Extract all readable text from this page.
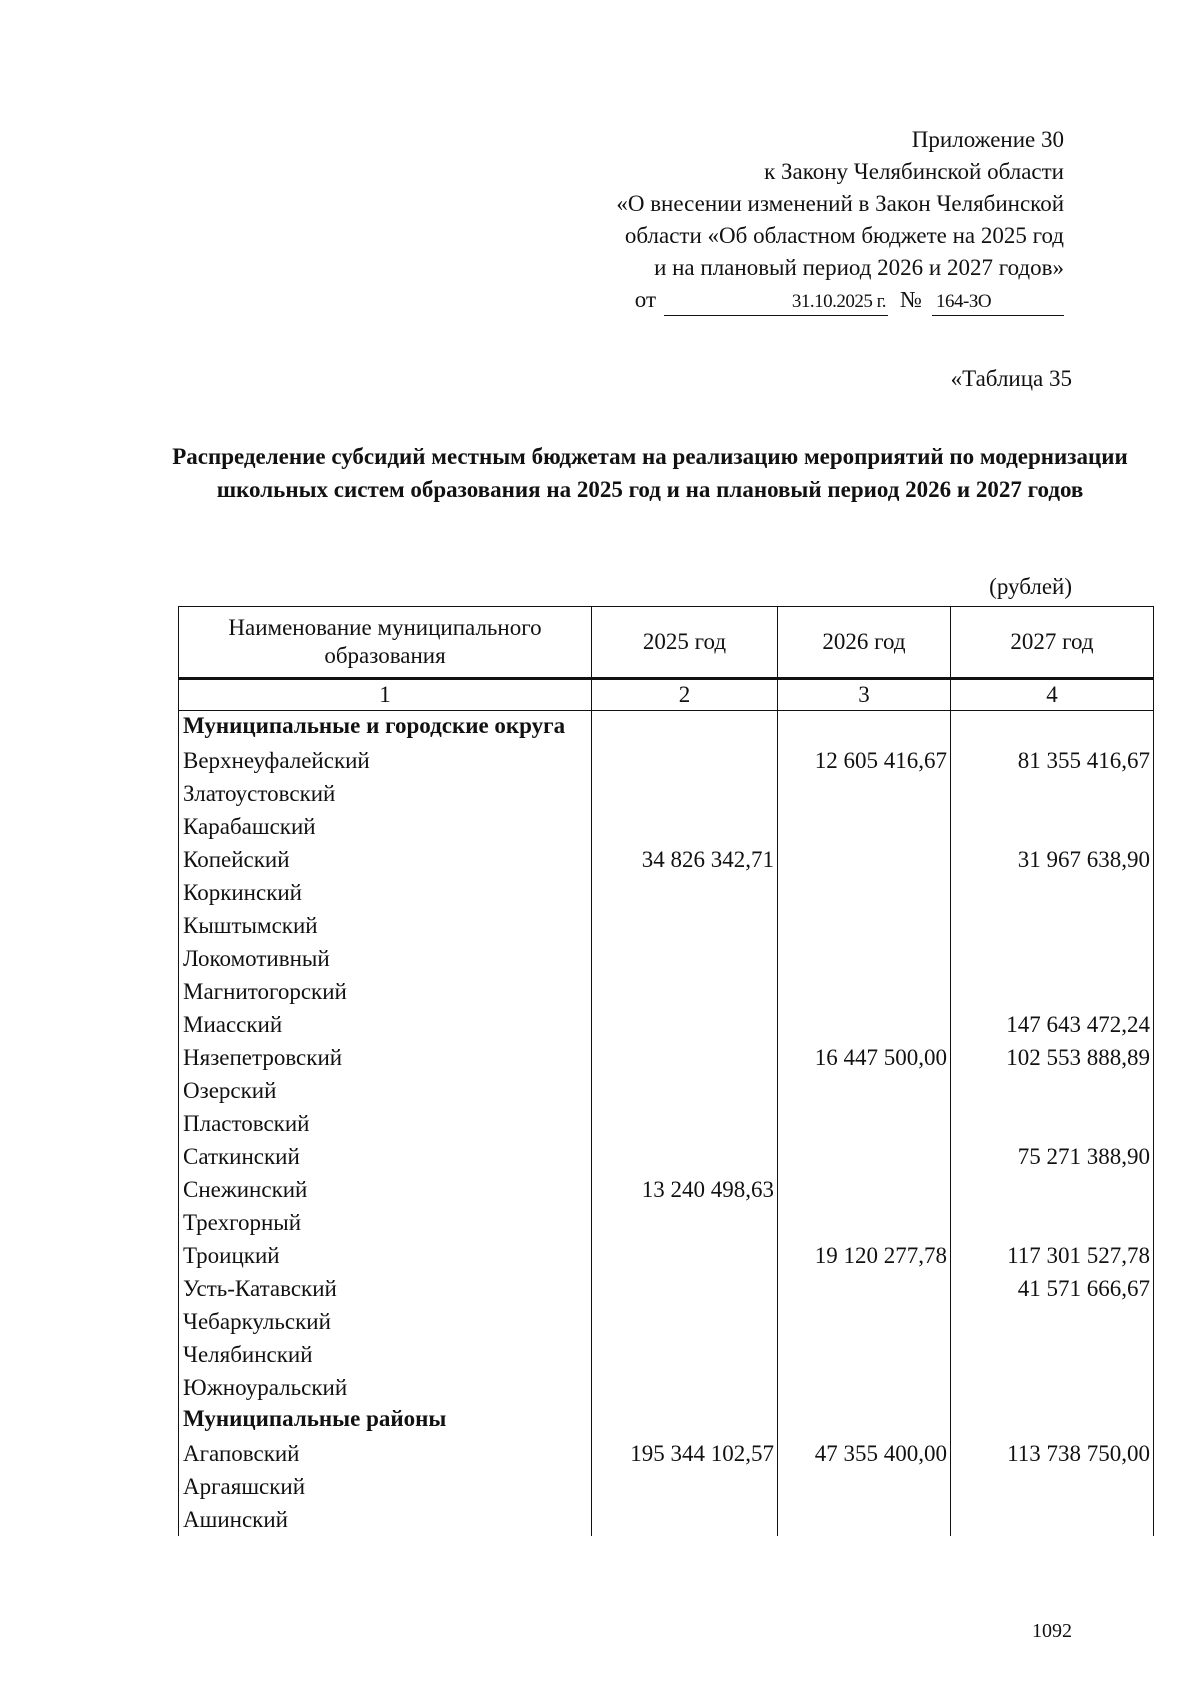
Приложение 30
к Закону Челябинской области
«О внесении изменений в Закон Челябинской
области «Об областном бюджете на 2025 год
и на плановый период 2026 и 2027 годов»
от	31.10.2025 г. № 164-ЗО
«Таблица 35
Распределение субсидий местным бюджетам на реализацию мероприятий по модернизации школьных систем образования на 2025 год и на плановый период 2026 и 2027 годов
(рублей)
Наименование муниципального образования	2025 год	2026 год	2027 год
1	2	3	4
Муниципальные и городские округа			
Верхнеуфалейский		12 605 416,67	81 355 416,67
Златоустовский			
Карабашский			
Копейский	34 826 342,71		31 967 638,90
Коркинский			
Кыштымский			
Локомотивный			
Магнитогорский			
Миасский			147 643 472,24
Нязепетровский		16 447 500,00	102 553 888,89
Озерский			
Пластовский			
Саткинский			75 271 388,90
Снежинский	13 240 498,63		
Трехгорный			
Троицкий		19 120 277,78	117 301 527,78
Усть-Катавский			41 571 666,67
Чебаркульский			
Челябинский			
Южноуральский			
Муниципальные районы			
Агаповский	195 344 102,57	47 355 400,00	113 738 750,00
Аргаяшский			
Ашинский			
1092
